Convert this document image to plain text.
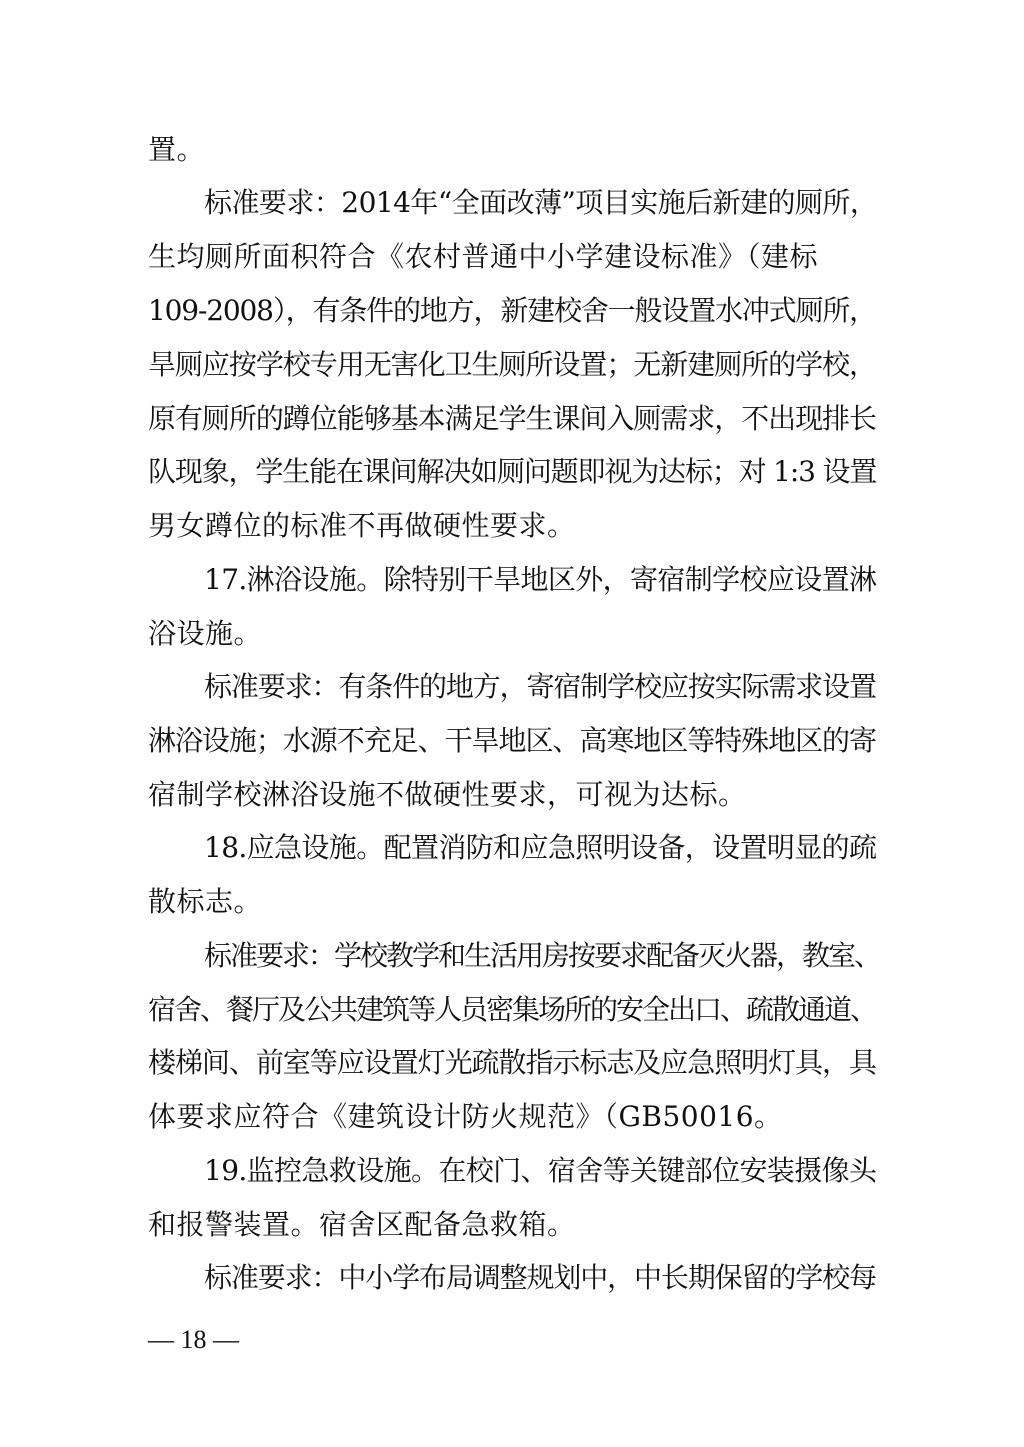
置。
标准要求：2014年“全面改薄”项目实施后新建的厕所，
生均厕所面积符合《农村普通中小学建设标准》（建标
109-2008），有条件的地方，新建校舍一般设置水冲式厕所，
旱厕应按学校专用无害化卫生厕所设置；无新建厕所的学校，
原有厕所的蹲位能够基本满足学生课间入厕需求，不出现排长
队现象，学生能在课间解决如厕问题即视为达标；对 1:3 设置
男女蹲位的标准不再做硬性要求。
17.淋浴设施。除特别干旱地区外，寄宿制学校应设置淋
浴设施。
标准要求：有条件的地方，寄宿制学校应按实际需求设置
淋浴设施；水源不充足、干旱地区、高寒地区等特殊地区的寄
宿制学校淋浴设施不做硬性要求，可视为达标。
18.应急设施。配置消防和应急照明设备，设置明显的疏
散标志。
标准要求：学校教学和生活用房按要求配备灭火器，教室、
宿舍、餐厅及公共建筑等人员密集场所的安全出口、疏散通道、
楼梯间、前室等应设置灯光疏散指示标志及应急照明灯具，具
体要求应符合《建筑设计防火规范》（GB50016。
19.监控急救设施。在校门、宿舍等关键部位安装摄像头
和报警装置。宿舍区配备急救箱。
标准要求：中小学布局调整规划中，中长期保留的学校每
— 18 —
